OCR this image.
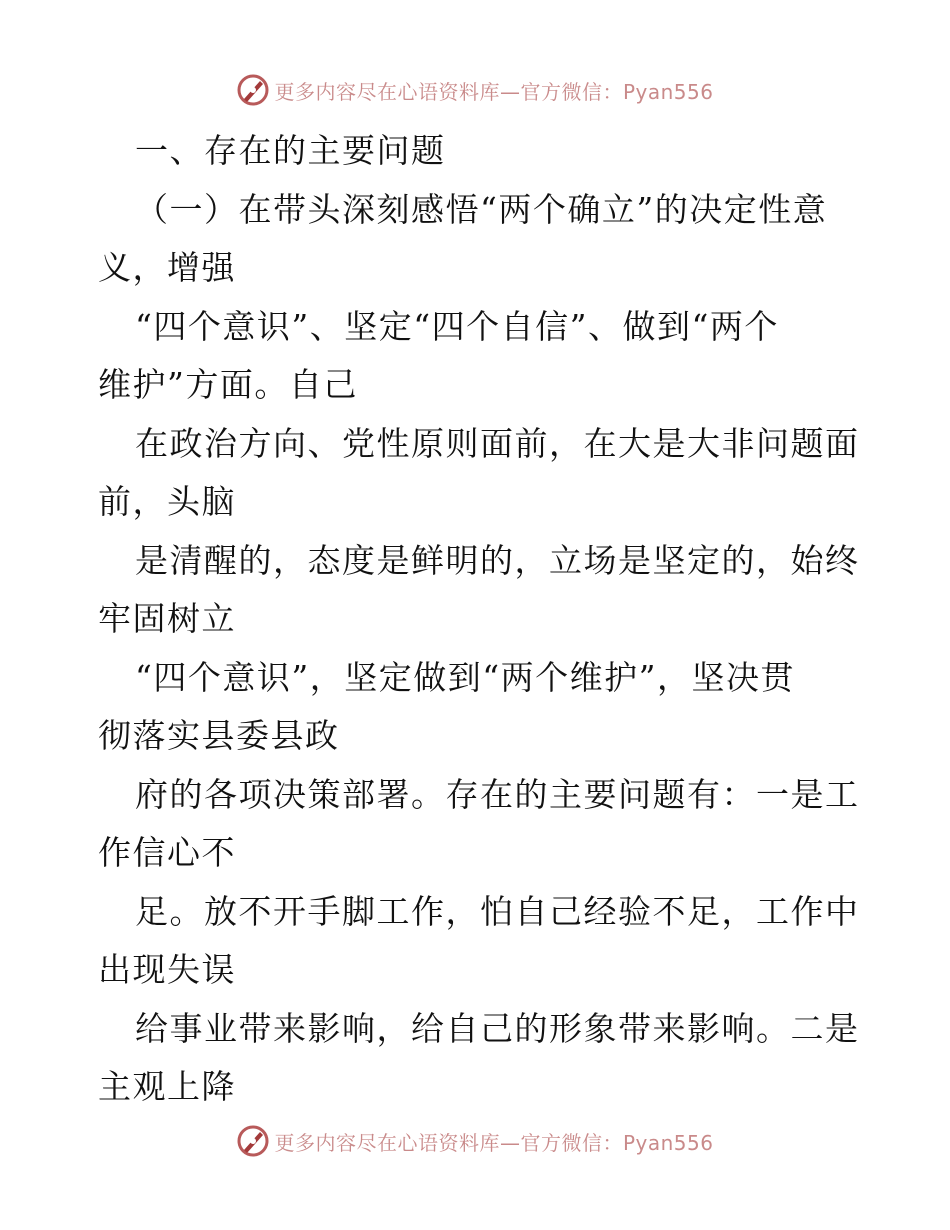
更多内容尽在心语资料库—官方微信：Pyan556
一、存在的主要问题
（一）在带头深刻感悟“两个确立”的决定性意
义，增强
“四个意识”、坚定“四个自信”、做到“两个
维护”方面。自己
在政治方向、党性原则面前，在大是大非问题面
前，头脑
是清醒的，态度是鲜明的，立场是坚定的，始终
牢固树立
“四个意识”，坚定做到“两个维护”，坚决贯
彻落实县委县政
府的各项决策部署。存在的主要问题有：一是工
作信心不
足。放不开手脚工作，怕自己经验不足，工作中
出现失误
给事业带来影响，给自己的形象带来影响。二是
主观上降
更多内容尽在心语资料库—官方微信：Pyan556
